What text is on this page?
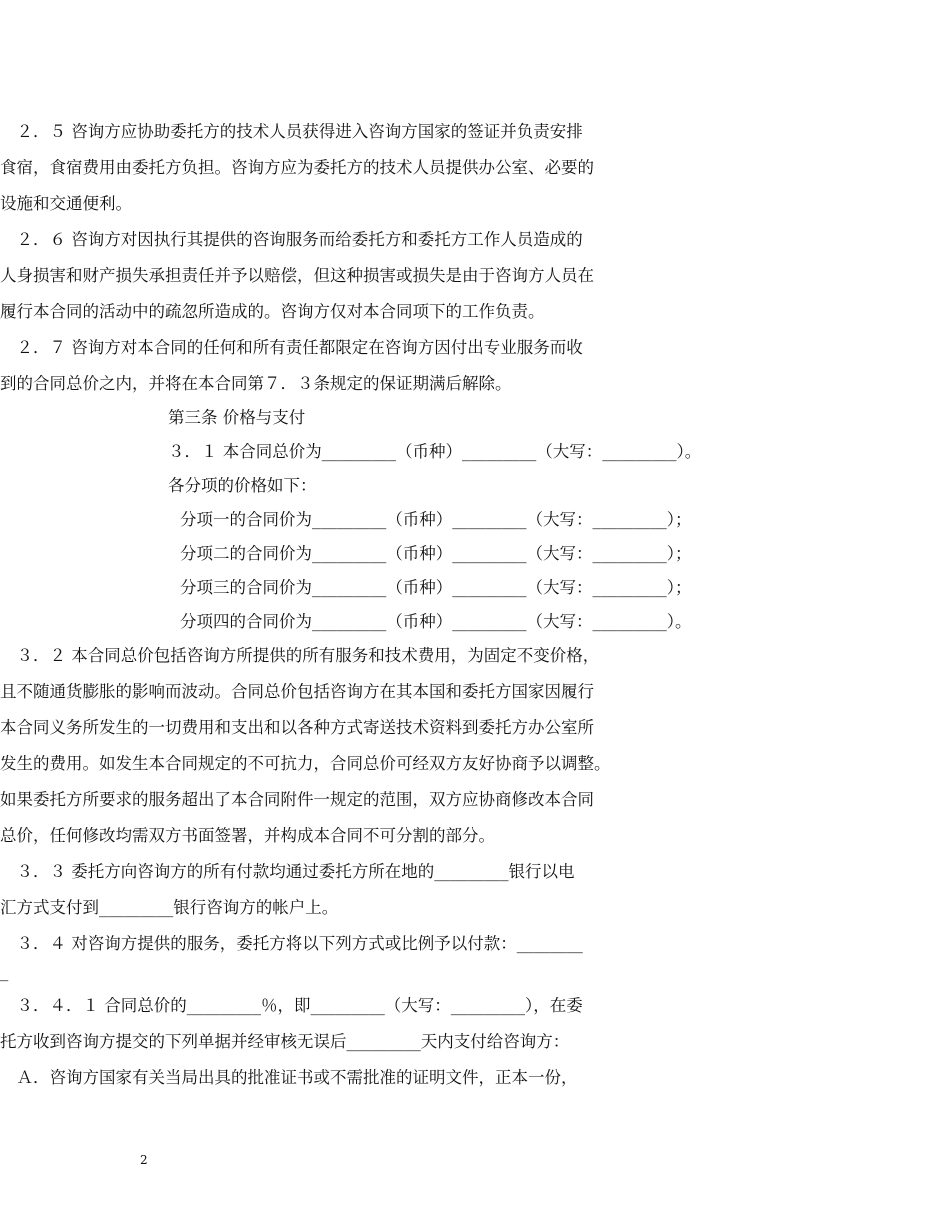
　２．５ 咨询方应协助委托方的技术人员获得进入咨询方国家的签证并负责安排
食宿，食宿费用由委托方负担。咨询方应为委托方的技术人员提供办公室、必要的
设施和交通便利。
　２．６ 咨询方对因执行其提供的咨询服务而给委托方和委托方工作人员造成的
人身损害和财产损失承担责任并予以赔偿，但这种损害或损失是由于咨询方人员在
履行本合同的活动中的疏忽所造成的。咨询方仅对本合同项下的工作负责。
　２．７ 咨询方对本合同的任何和所有责任都限定在咨询方因付出专业服务而收
到的合同总价之内，并将在本合同第７．３条规定的保证期满后解除。
第三条 价格与支付
３．１ 本合同总价为_________（币种）_________（大写：_________）。
各分项的价格如下：
分项一的合同价为_________（币种）_________（大写：_________）；
分项二的合同价为_________（币种）_________（大写：_________）；
分项三的合同价为_________（币种）_________（大写：_________）；
分项四的合同价为_________（币种）_________（大写：_________）。
　３．２ 本合同总价包括咨询方所提供的所有服务和技术费用，为固定不变价格，
且不随通货膨胀的影响而波动。合同总价包括咨询方在其本国和委托方国家因履行
本合同义务所发生的一切费用和支出和以各种方式寄送技术资料到委托方办公室所
发生的费用。如发生本合同规定的不可抗力，合同总价可经双方友好协商予以调整。
如果委托方所要求的服务超出了本合同附件一规定的范围，双方应协商修改本合同
总价，任何修改均需双方书面签署，并构成本合同不可分割的部分。
　３．３ 委托方向咨询方的所有付款均通过委托方所在地的_________银行以电
汇方式支付到_________银行咨询方的帐户上。
　３．４ 对咨询方提供的服务，委托方将以下列方式或比例予以付款：________
_
　３．４．１ 合同总价的_________％，即_________（大写：_________），在委
托方收到咨询方提交的下列单据并经审核无误后_________天内支付给咨询方：
　Ａ．咨询方国家有关当局出具的批准证书或不需批准的证明文件，正本一份，
2
